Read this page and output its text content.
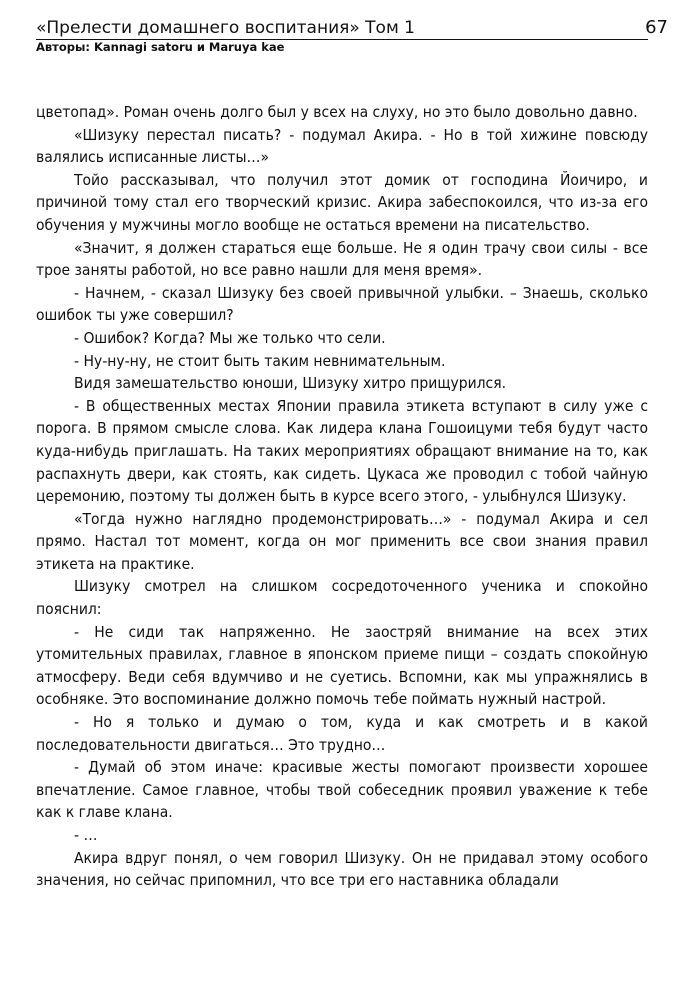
«Прелести домашнего воспитания» Том 1
Авторы: Kannagi satoru и Maruya kae
67

цветопад». Роман очень долго был у всех на слуху, но это было довольно давно.

«Шизуку перестал писать? - подумал Акира. - Но в той хижине повсюду валялись исписанные листы…»

Тойо рассказывал, что получил этот домик от господина Йоичиро, и причиной тому стал его творческий кризис. Акира забеспокоился, что из-за его обучения у мужчины могло вообще не остаться времени на писательство.

«Значит, я должен стараться еще больше. Не я один трачу свои силы - все трое заняты работой, но все равно нашли для меня время».

- Начнем, - сказал Шизуку без своей привычной улыбки. – Знаешь, сколько ошибок ты уже совершил?

- Ошибок? Когда? Мы же только что сели.

- Ну-ну-ну, не стоит быть таким невнимательным.

Видя замешательство юноши, Шизуку хитро прищурился.

- В общественных местах Японии правила этикета вступают в силу уже с порога. В прямом смысле слова. Как лидера клана Гошоицуми тебя будут часто куда-нибудь приглашать. На таких мероприятиях обращают внимание на то, как распахнуть двери, как стоять, как сидеть. Цукаса же проводил с тобой чайную церемонию, поэтому ты должен быть в курсе всего этого, - улыбнулся Шизуку.

«Тогда нужно наглядно продемонстрировать…» - подумал Акира и сел прямо. Настал тот момент, когда он мог применить все свои знания правил этикета на практике.

Шизуку смотрел на слишком сосредоточенного ученика и спокойно пояснил:

- Не сиди так напряженно. Не заостряй внимание на всех этих утомительных правилах, главное в японском приеме пищи – создать спокойную атмосферу. Веди себя вдумчиво и не суетись. Вспомни, как мы упражнялись в особняке. Это воспоминание должно помочь тебе поймать нужный настрой.

- Но я только и думаю о том, куда и как смотреть и в какой последовательности двигаться… Это трудно…

- Думай об этом иначе: красивые жесты помогают произвести хорошее впечатление. Самое главное, чтобы твой собеседник проявил уважение к тебе как к главе клана.

- …

Акира вдруг понял, о чем говорил Шизуку. Он не придавал этому особого значения, но сейчас припомнил, что все три его наставника обладали
